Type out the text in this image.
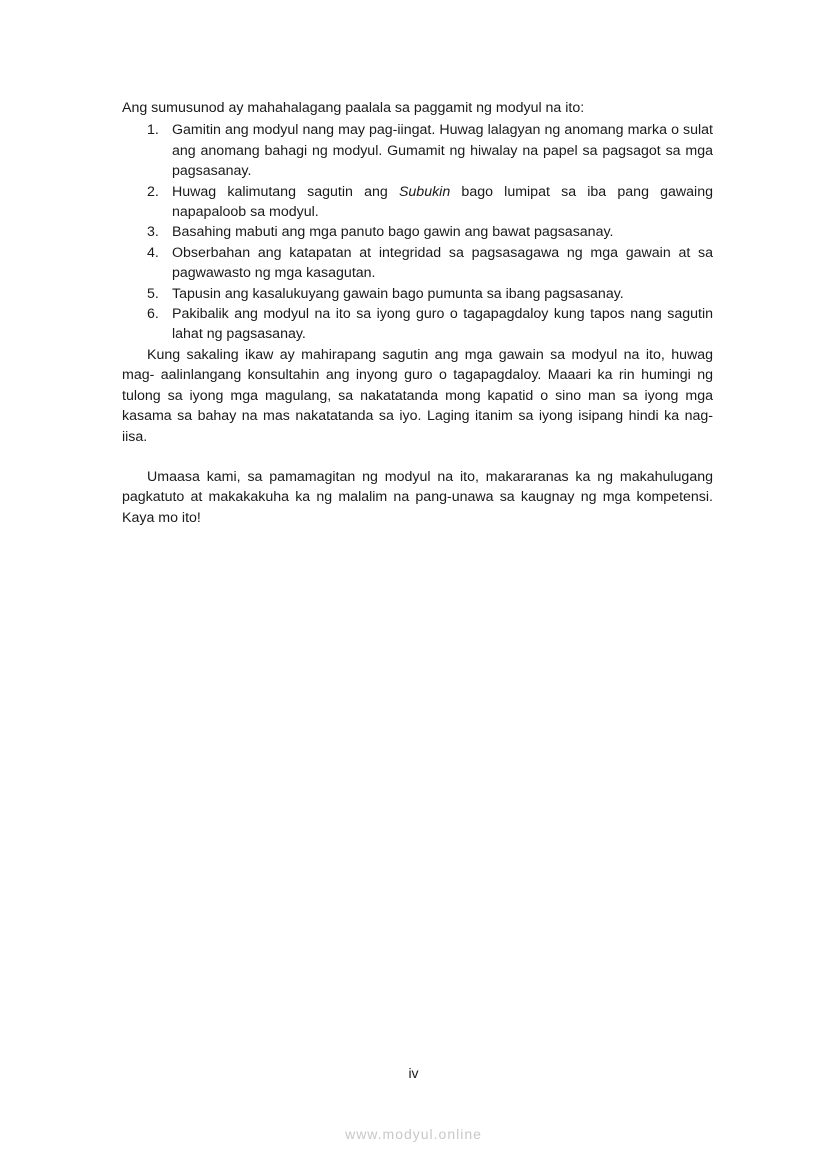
Ang sumusunod ay mahahalagang paalala sa paggamit ng modyul na ito:

1. Gamitin ang modyul nang may pag-iingat. Huwag lalagyan ng anomang marka o sulat ang anomang bahagi ng modyul. Gumamit ng hiwalay na papel sa pagsagot sa mga pagsasanay.
2. Huwag kalimutang sagutin ang Subukin bago lumipat sa iba pang gawaing napapaloob sa modyul.
3. Basahing mabuti ang mga panuto bago gawin ang bawat pagsasanay.
4. Obserbahan ang katapatan at integridad sa pagsasagawa ng mga gawain at sa pagwawasto ng mga kasagutan.
5. Tapusin ang kasalukuyang gawain bago pumunta sa ibang pagsasanay.
6. Pakibalik ang modyul na ito sa iyong guro o tagapagdaloy kung tapos nang sagutin lahat ng pagsasanay.

Kung sakaling ikaw ay mahirapang sagutin ang mga gawain sa modyul na ito, huwag mag- aalinlangang konsultahin ang inyong guro o tagapagdaloy. Maaari ka rin humingi ng tulong sa iyong mga magulang, sa nakatatanda mong kapatid o sino man sa iyong mga kasama sa bahay na mas nakatatanda sa iyo. Laging itanim sa iyong isipang hindi ka nag-iisa.

Umaasa kami, sa pamamagitan ng modyul na ito, makararanas ka ng makahulugang pagkatuto at makakakuha ka ng malalim na pang-unawa sa kaugnay ng mga kompetensi. Kaya mo ito!

iv
www.modyul.online
